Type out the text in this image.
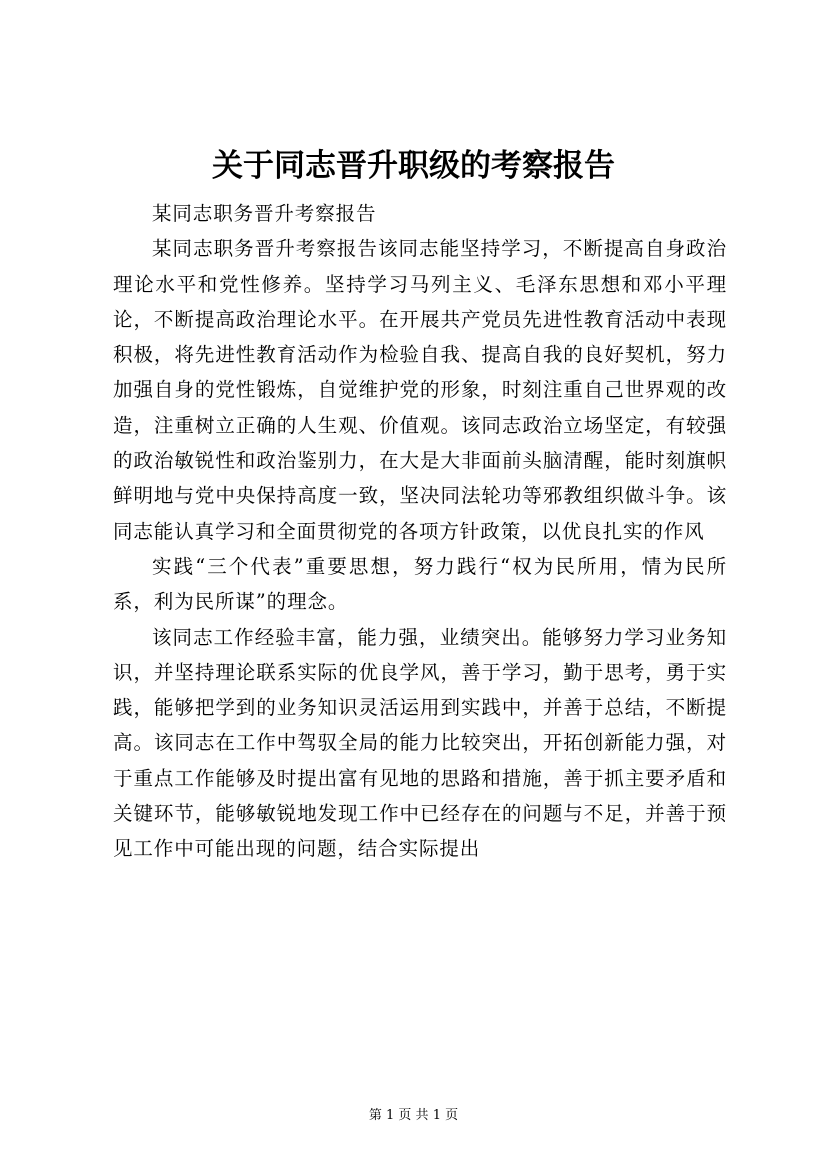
关于同志晋升职级的考察报告

某同志职务晋升考察报告

某同志职务晋升考察报告该同志能坚持学习，不断提高自身政治理论水平和党性修养。坚持学习马列主义、毛泽东思想和邓小平理论，不断提高政治理论水平。在开展共产党员先进性教育活动中表现积极，将先进性教育活动作为检验自我、提高自我的良好契机，努力加强自身的党性锻炼，自觉维护党的形象，时刻注重自己世界观的改造，注重树立正确的人生观、价值观。该同志政治立场坚定，有较强的政治敏锐性和政治鉴别力，在大是大非面前头脑清醒，能时刻旗帜鲜明地与党中央保持高度一致，坚决同法轮功等邪教组织做斗争。该同志能认真学习和全面贯彻党的各项方针政策，以优良扎实的作风

实践“三个代表”重要思想，努力践行“权为民所用，情为民所系，利为民所谋”的理念。

该同志工作经验丰富，能力强，业绩突出。能够努力学习业务知识，并坚持理论联系实际的优良学风，善于学习，勤于思考，勇于实践，能够把学到的业务知识灵活运用到实践中，并善于总结，不断提高。该同志在工作中驾驭全局的能力比较突出，开拓创新能力强，对于重点工作能够及时提出富有见地的思路和措施，善于抓主要矛盾和关键环节，能够敏锐地发现工作中已经存在的问题与不足，并善于预见工作中可能出现的问题，结合实际提出

第 1 页 共 1 页
